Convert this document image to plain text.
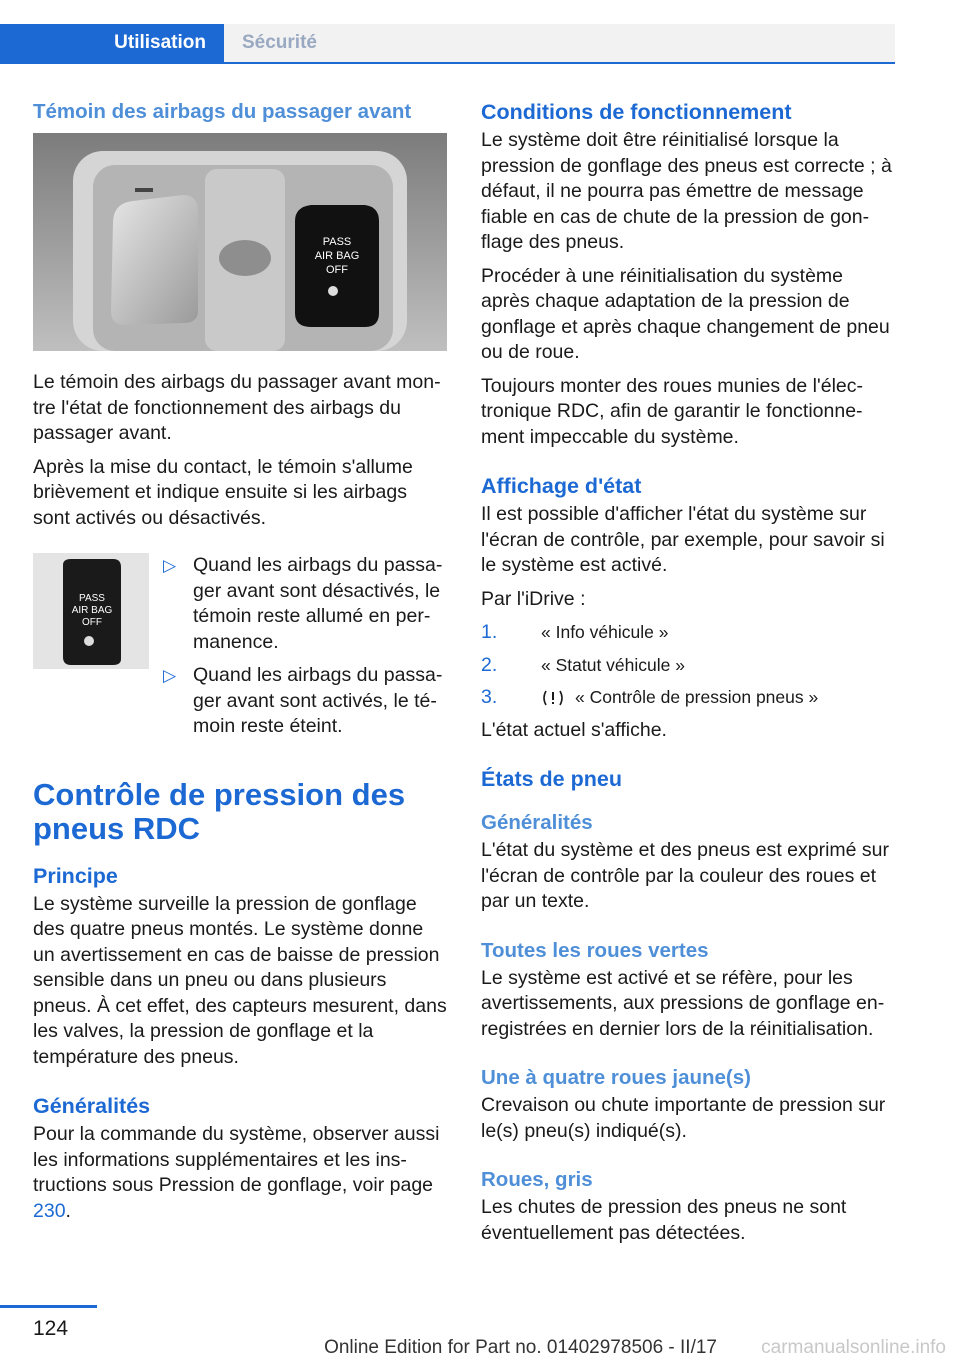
Utilisation	Sécurité
Témoin des airbags du passager avant
PASS
AIR BAG
OFF

Le témoin des airbags du passager avant mon-tre l'état de fonctionnement des airbags du passager avant.

Après la mise du contact, le témoin s'allume brièvement et indique ensuite si les airbags sont activés ou désactivés.

PASS
AIR BAG
OFF
▷ Quand les airbags du passa-ger avant sont désactivés, le témoin reste allumé en per-manence.
▷ Quand les airbags du passa-ger avant sont activés, le té-moin reste éteint.
Contrôle de pression des pneus RDC
Principe

Le système surveille la pression de gonflage des quatre pneus montés. Le système donne un avertissement en cas de baisse de pression sensible dans un pneu ou dans plusieurs pneus. À cet effet, des capteurs mesurent, dans les valves, la pression de gonflage et la température des pneus.

Généralités

Pour la commande du système, observer aussi les informations supplémentaires et les ins-tructions sous Pression de gonflage, voir page 230.

Conditions de fonctionnement

Le système doit être réinitialisé lorsque la pression de gonflage des pneus est correcte ; à défaut, il ne pourra pas émettre de message fiable en cas de chute de la pression de gon-flage des pneus.

Procéder à une réinitialisation du système après chaque adaptation de la pression de gonflage et après chaque changement de pneu ou de roue.

Toujours monter des roues munies de l'élec-tronique RDC, afin de garantir le fonctionne-ment impeccable du système.

Affichage d'état

Il est possible d'afficher l'état du système sur l'écran de contrôle, par exemple, pour savoir si le système est activé.

Par l'iDrive :

1. « Info véhicule »
2. « Statut véhicule »
3.	« Contrôle de pression pneus »

L'état actuel s'affiche.

États de pneu
Généralités

L'état du système et des pneus est exprimé sur l'écran de contrôle par la couleur des roues et par un texte.

Toutes les roues vertes

Le système est activé et se réfère, pour les avertissements, aux pressions de gonflage en-registrées en dernier lors de la réinitialisation.

Une à quatre roues jaune(s)

Crevaison ou chute importante de pression sur le(s) pneu(s) indiqué(s).

Roues, gris

Les chutes de pression des pneus ne sont éventuellement pas détectées.

124
Online Edition for Part no. 01402978506 - II/17 carmanualsonline.info
